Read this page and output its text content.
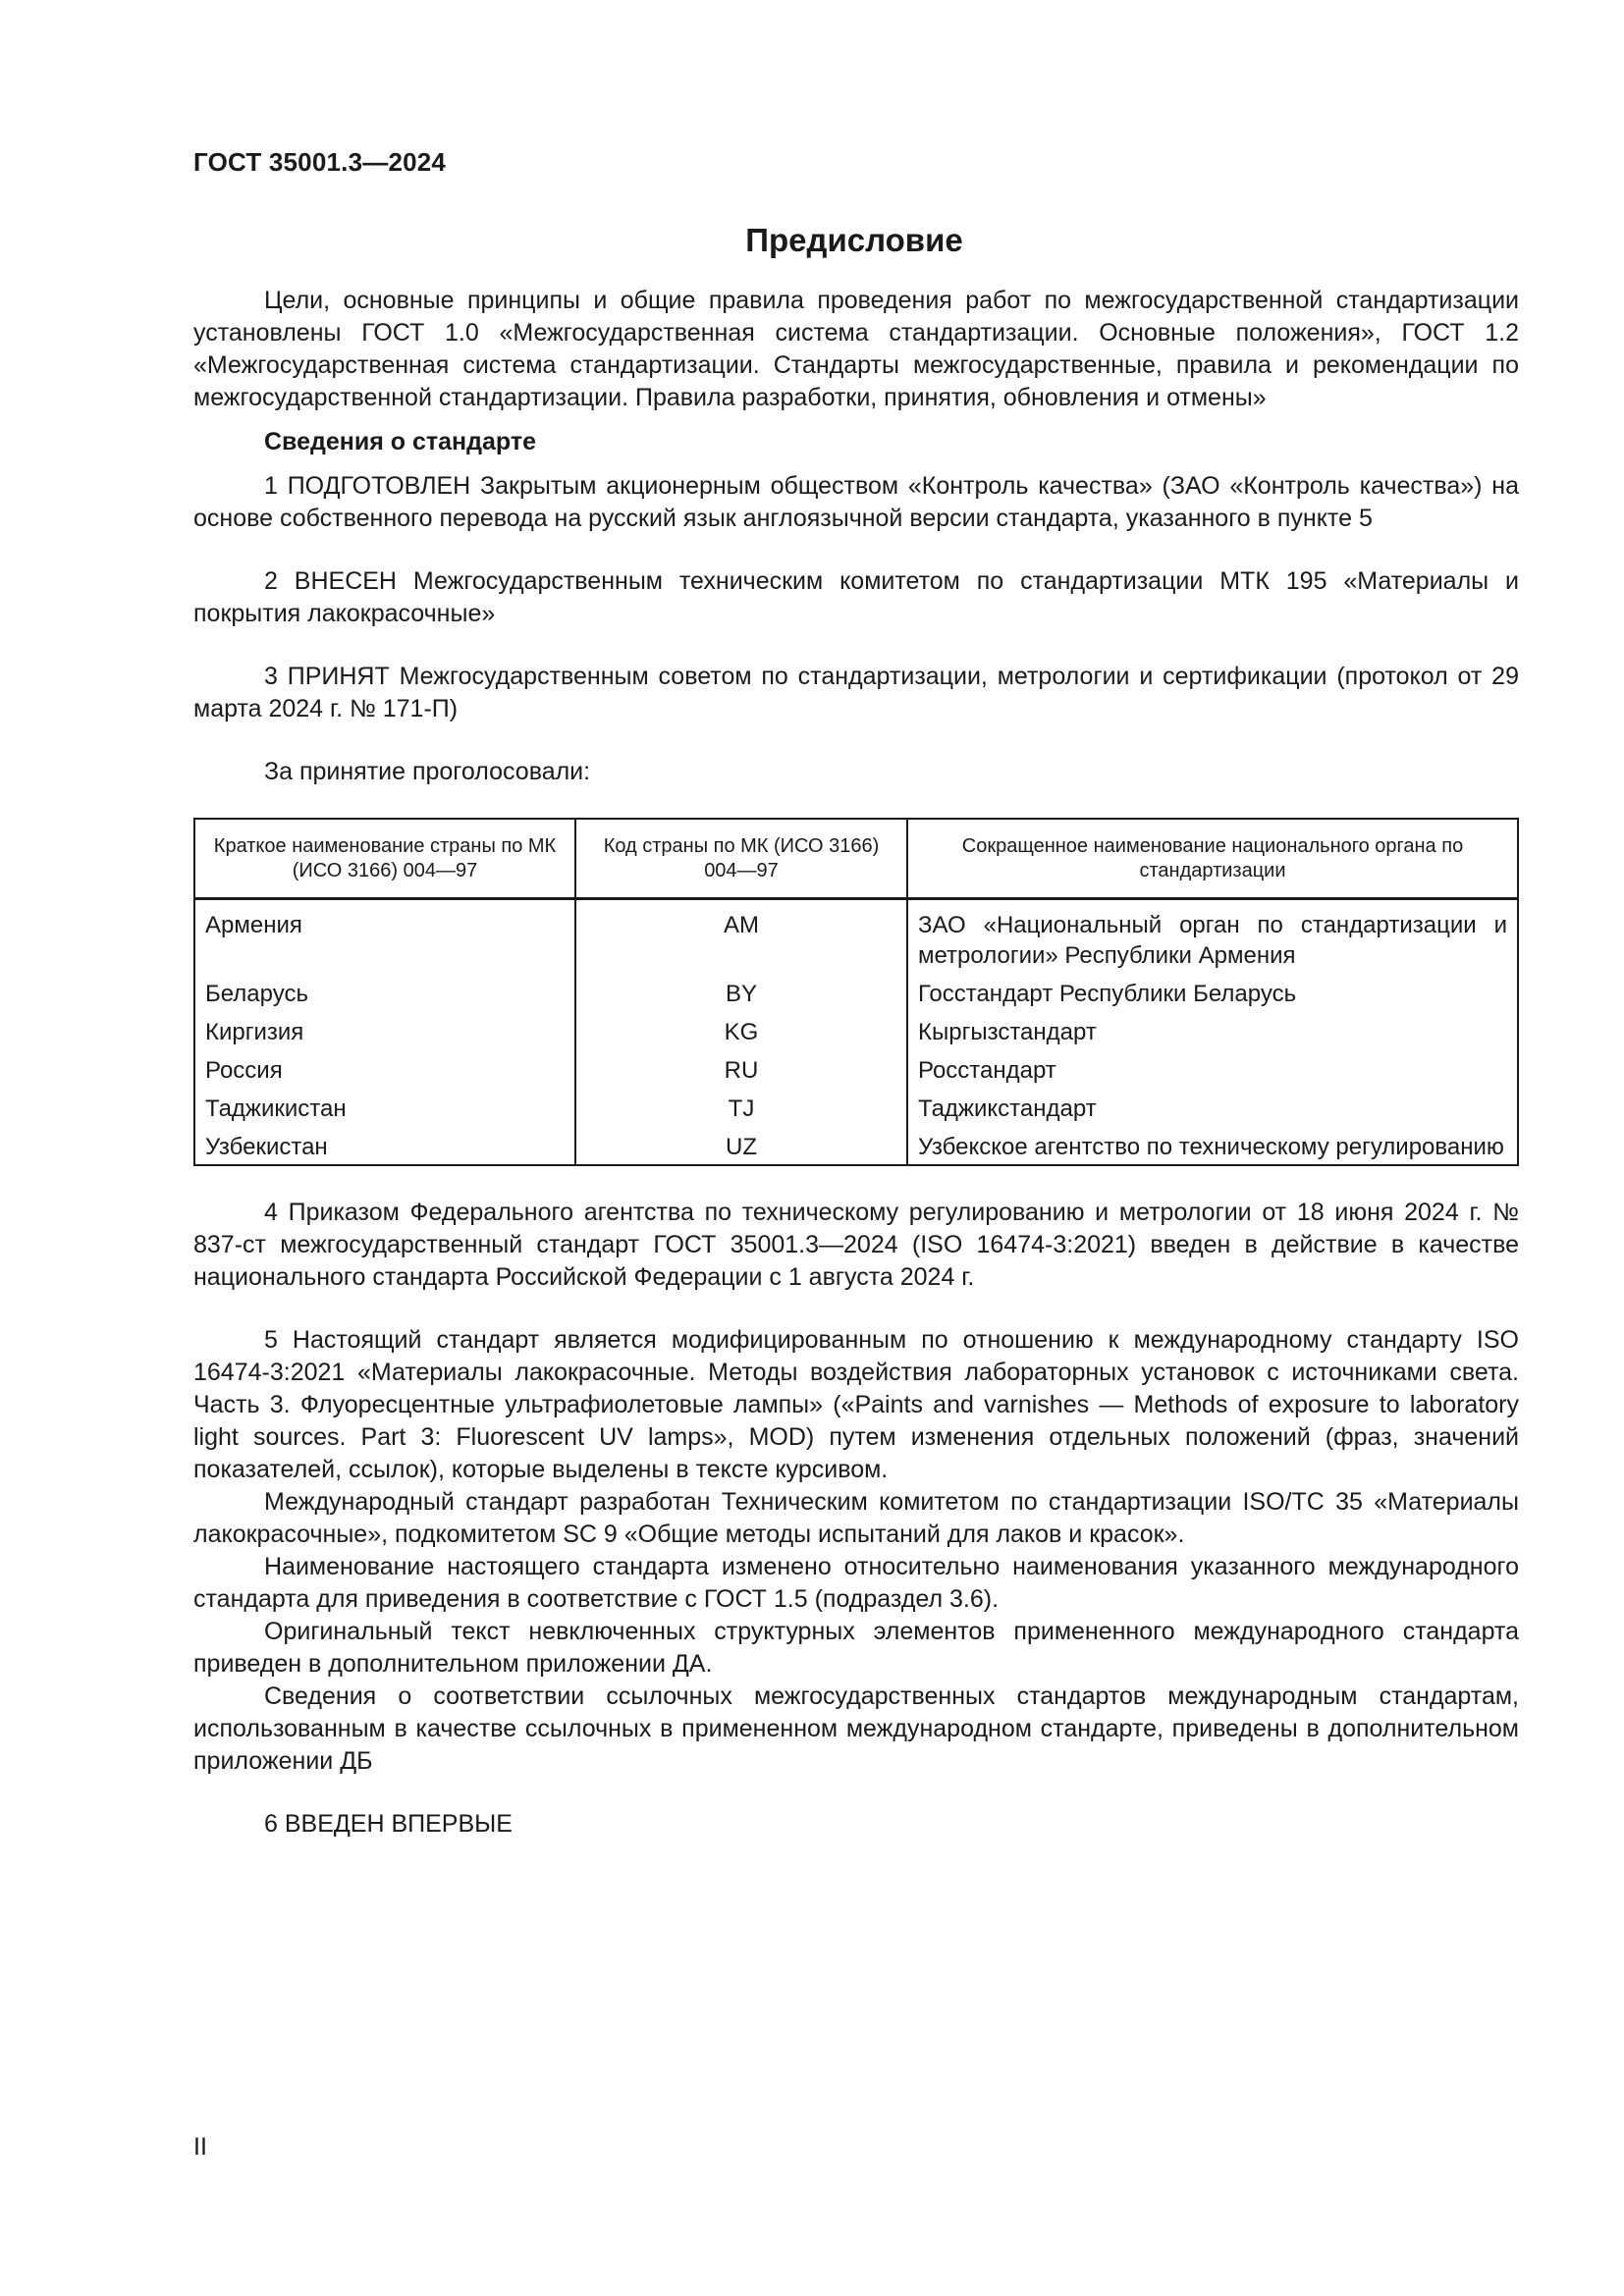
ГОСТ 35001.3—2024
Предисловие

Цели, основные принципы и общие правила проведения работ по межгосударственной стандартизации установлены ГОСТ 1.0 «Межгосударственная система стандартизации. Основные положения», ГОСТ 1.2 «Межгосударственная система стандартизации. Стандарты межгосударственные, правила и рекомендации по межгосударственной стандартизации. Правила разработки, принятия, обновления и отмены»

Сведения о стандарте

1 ПОДГОТОВЛЕН Закрытым акционерным обществом «Контроль качества» (ЗАО «Контроль качества») на основе собственного перевода на русский язык англоязычной версии стандарта, указанного в пункте 5

2 ВНЕСЕН Межгосударственным техническим комитетом по стандартизации МТК 195 «Материалы и покрытия лакокрасочные»

3 ПРИНЯТ Межгосударственным советом по стандартизации, метрологии и сертификации (протокол от 29 марта 2024 г. № 171-П)

За принятие проголосовали:

Краткое наименование страны по МК (ИСО 3166) 004—97	Код страны по МК (ИСО 3166) 004—97	Сокращенное наименование национального органа по стандартизации
Армения	AM	ЗАО «Национальный орган по стандартизации и метрологии» Республики Армения
Беларусь	BY	Госстандарт Республики Беларусь
Киргизия	KG	Кыргызстандарт
Россия	RU	Росстандарт
Таджикистан	TJ	Таджикстандарт
Узбекистан	UZ	Узбекское агентство по техническому регулированию

4 Приказом Федерального агентства по техническому регулированию и метрологии от 18 июня 2024 г. № 837-ст межгосударственный стандарт ГОСТ 35001.3—2024 (ISO 16474-3:2021) введен в действие в качестве национального стандарта Российской Федерации с 1 августа 2024 г.

5 Настоящий стандарт является модифицированным по отношению к международному стандарту ISO 16474-3:2021 «Материалы лакокрасочные. Методы воздействия лабораторных установок с источниками света. Часть 3. Флуоресцентные ультрафиолетовые лампы» («Paints and varnishes — Methods of exposure to laboratory light sources. Part 3: Fluorescent UV lamps», MOD) путем изменения отдельных положений (фраз, значений показателей, ссылок), которые выделены в тексте курсивом.

Международный стандарт разработан Техническим комитетом по стандартизации ISO/TC 35 «Материалы лакокрасочные», подкомитетом SC 9 «Общие методы испытаний для лаков и красок».

Наименование настоящего стандарта изменено относительно наименования указанного международного стандарта для приведения в соответствие с ГОСТ 1.5 (подраздел 3.6).

Оригинальный текст невключенных структурных элементов примененного международного стандарта приведен в дополнительном приложении ДА.

Сведения о соответствии ссылочных межгосударственных стандартов международным стандартам, использованным в качестве ссылочных в примененном международном стандарте, приведены в дополнительном приложении ДБ

6 ВВЕДЕН ВПЕРВЫЕ

II
